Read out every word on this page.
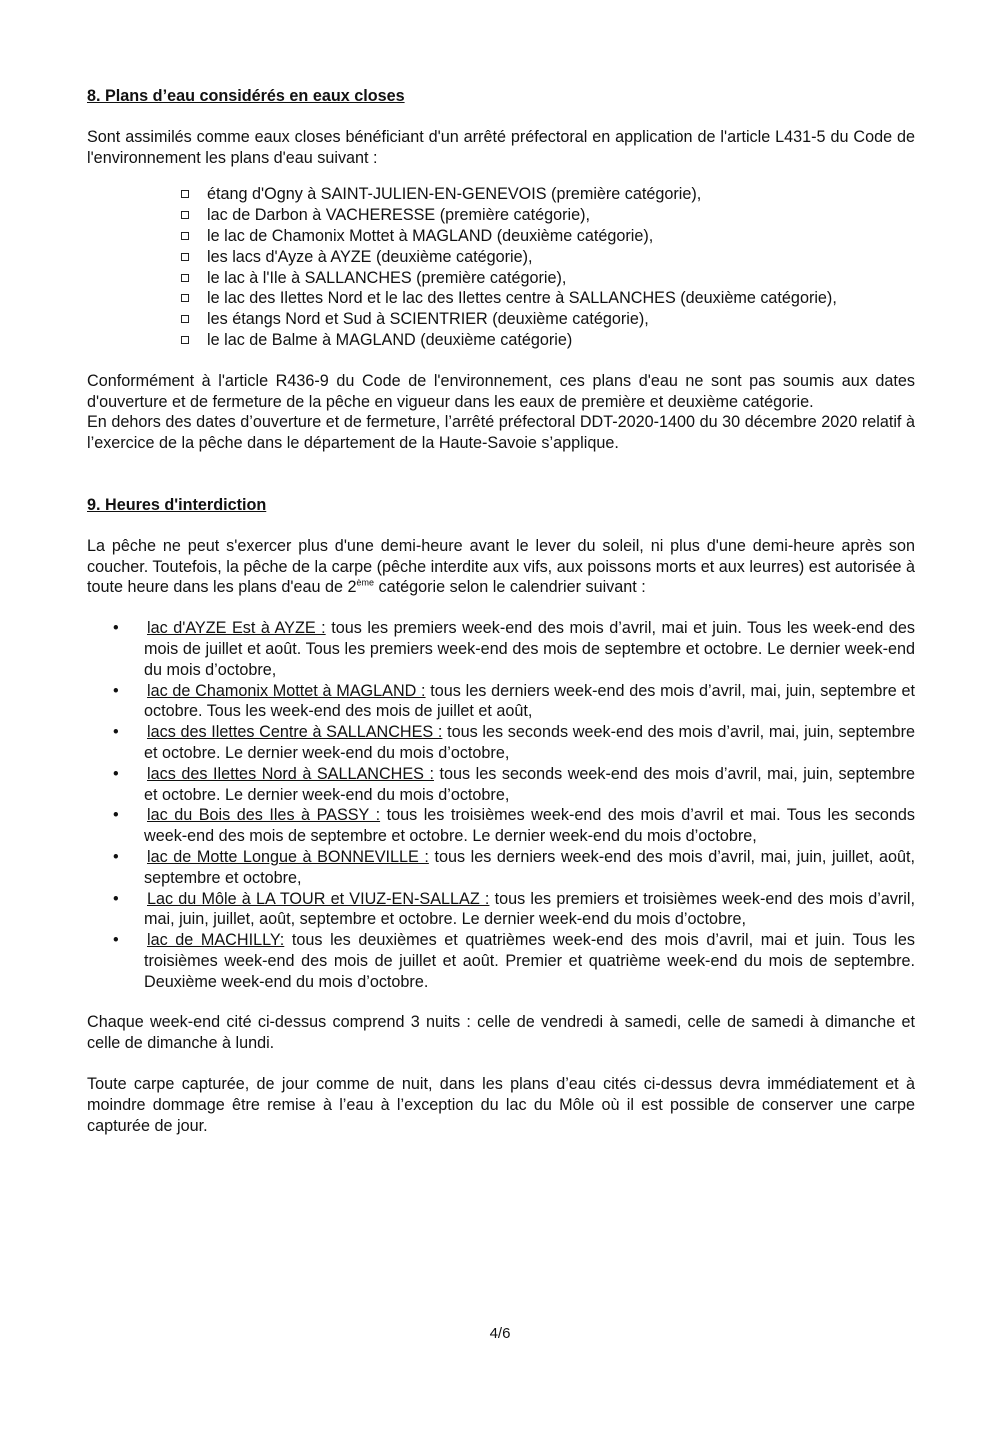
8. Plans d’eau considérés en eaux closes

Sont assimilés comme eaux closes bénéficiant d'un arrêté préfectoral en application de l'article L431-5 du Code de l'environnement les plans d'eau suivant :

étang d'Ogny à SAINT-JULIEN-EN-GENEVOIS (première catégorie),
lac de Darbon à VACHERESSE (première catégorie),
le lac de Chamonix Mottet à MAGLAND (deuxième catégorie),
les lacs d'Ayze à AYZE (deuxième catégorie),
le lac à l'Ile à SALLANCHES (première catégorie),
le lac des Ilettes Nord et le lac des Ilettes centre à SALLANCHES (deuxième catégorie),
les étangs Nord et Sud à SCIENTRIER (deuxième catégorie),
le lac de Balme à MAGLAND (deuxième catégorie)

Conformément à l'article R436-9 du Code de l'environnement, ces plans d'eau ne sont pas soumis aux dates d'ouverture et de fermeture de la pêche en vigueur dans les eaux de première et deuxième catégorie.

En dehors des dates d’ouverture et de fermeture, l’arrêté préfectoral DDT-2020-1400 du 30 décembre 2020 relatif à l’exercice de la pêche dans le département de la Haute-Savoie s’applique.

9. Heures d'interdiction

La pêche ne peut s'exercer plus d'une demi-heure avant le lever du soleil, ni plus d'une demi-heure après son coucher. Toutefois, la pêche de la carpe (pêche interdite aux vifs, aux poissons morts et aux leurres) est autorisée à toute heure dans les plans d'eau de 2ème catégorie selon le calendrier suivant :

• lac d'AYZE Est à AYZE : tous les premiers week-end des mois d’avril, mai et juin. Tous les week-end des mois de juillet et août. Tous les premiers week-end des mois de septembre et octobre. Le dernier week-end du mois d’octobre,
• lac de Chamonix Mottet à MAGLAND : tous les derniers week-end des mois d’avril, mai, juin, septembre et octobre. Tous les week-end des mois de juillet et août,
• lacs des Ilettes Centre à SALLANCHES : tous les seconds week-end des mois d’avril, mai, juin, septembre et octobre. Le dernier week-end du mois d’octobre,
• lacs des Ilettes Nord à SALLANCHES : tous les seconds week-end des mois d’avril, mai, juin, septembre et octobre. Le dernier week-end du mois d’octobre,
• lac du Bois des Iles à PASSY : tous les troisièmes week-end des mois d’avril et mai. Tous les seconds week-end des mois de septembre et octobre. Le dernier week-end du mois d’octobre,
• lac de Motte Longue à BONNEVILLE : tous les derniers week-end des mois d’avril, mai, juin, juillet, août, septembre et octobre,
• Lac du Môle à LA TOUR et VIUZ-EN-SALLAZ : tous les premiers et troisièmes week-end des mois d’avril, mai, juin, juillet, août, septembre et octobre. Le dernier week-end du mois d’octobre,
• lac de MACHILLY: tous les deuxièmes et quatrièmes week-end des mois d’avril, mai et juin. Tous les troisièmes week-end des mois de juillet et août. Premier et quatrième week-end du mois de septembre. Deuxième week-end du mois d’octobre.

Chaque week-end cité ci-dessus comprend 3 nuits : celle de vendredi à samedi, celle de samedi à dimanche et celle de dimanche à lundi.

Toute carpe capturée, de jour comme de nuit, dans les plans d’eau cités ci-dessus devra immédiatement et à moindre dommage être remise à l’eau à l’exception du lac du Môle où il est possible de conserver une carpe capturée de jour.

4/6
